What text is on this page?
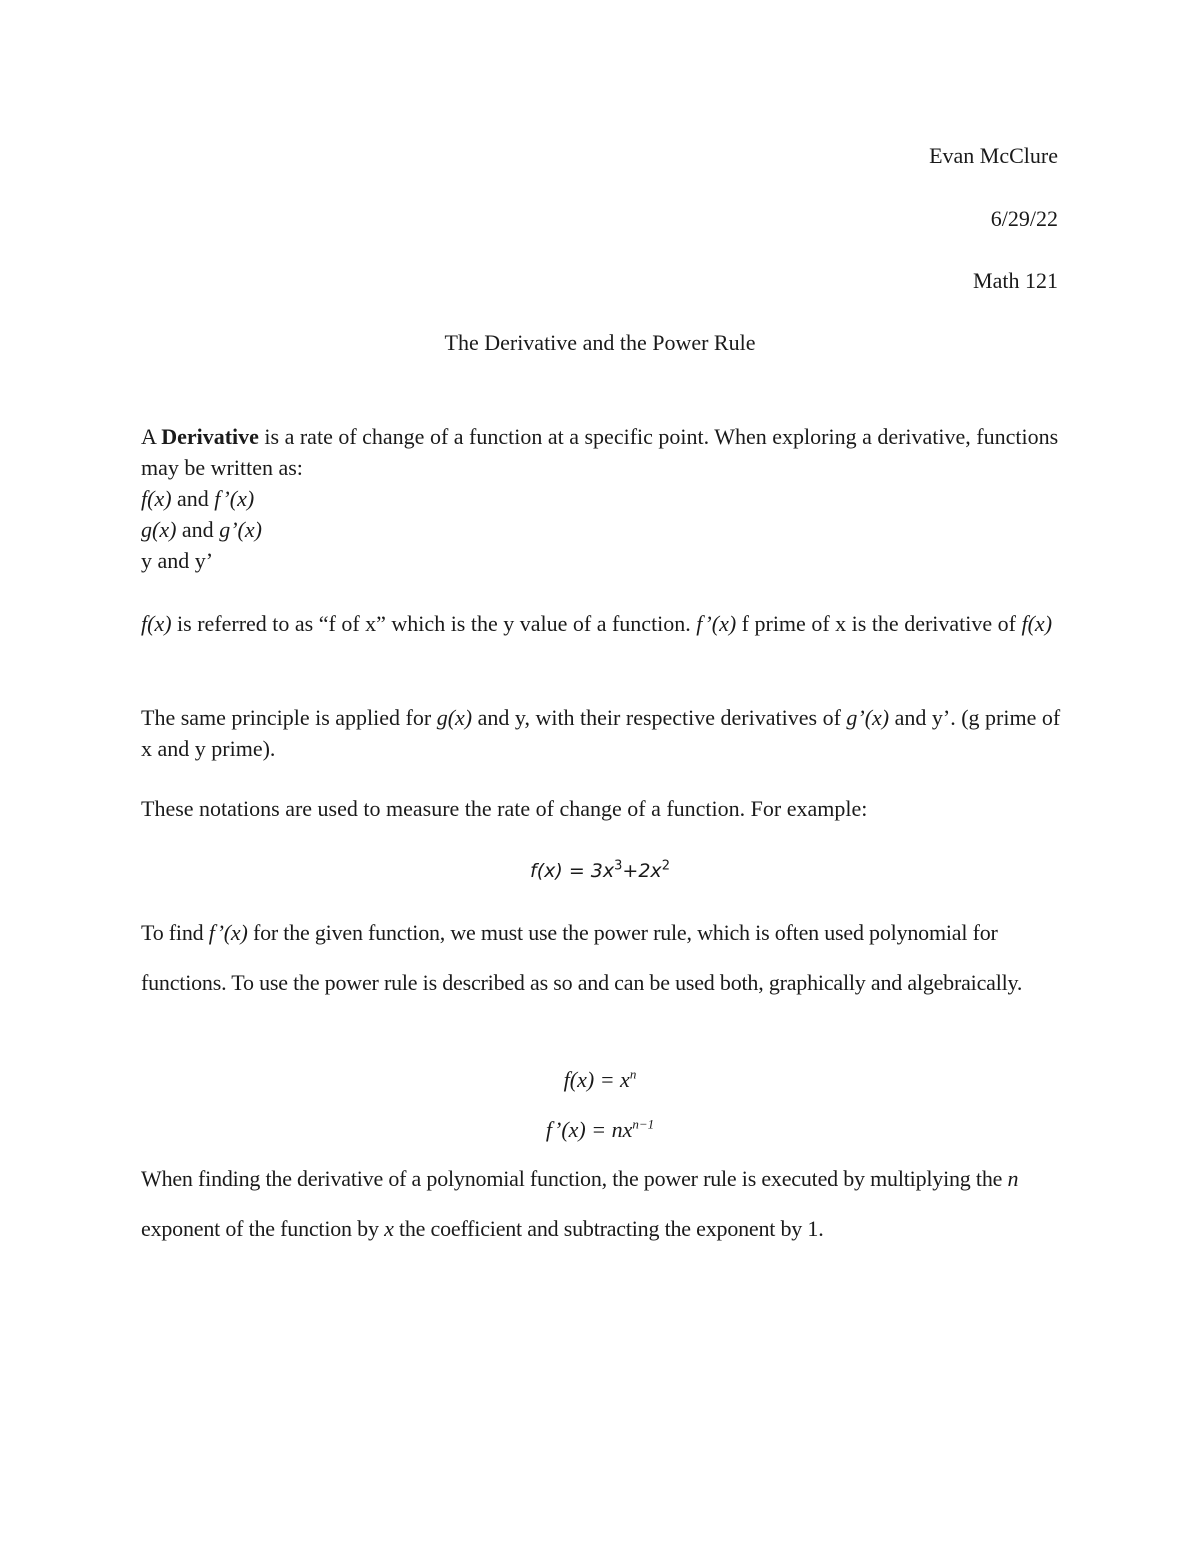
Evan McClure
6/29/22
Math 121
The Derivative and the Power Rule
A Derivative is a rate of change of a function at a specific point. When exploring a derivative, functions may be written as:
f(x) and f’(x)
g(x) and g’(x)
y and y’
f(x) is referred to as “f of x” which is the y value of a function. f’(x) f prime of x is the derivative of f(x)
The same principle is applied for g(x) and y, with their respective derivatives of g’(x) and y’. (g prime of x and y prime).
These notations are used to measure the rate of change of a function. For example:
$f(x) = 3x^3+2x^2$
To find f’(x) for the given function, we must use the power rule, which is often used polynomial for
functions. To use the power rule is described as so and can be used both, graphically and algebraically.
$f(x) = x^n$
f’(x) = $nx^{n-1}$
When finding the derivative of a polynomial function, the power rule is executed by multiplying the n
exponent of the function by x the coefficient and subtracting the exponent by 1.
